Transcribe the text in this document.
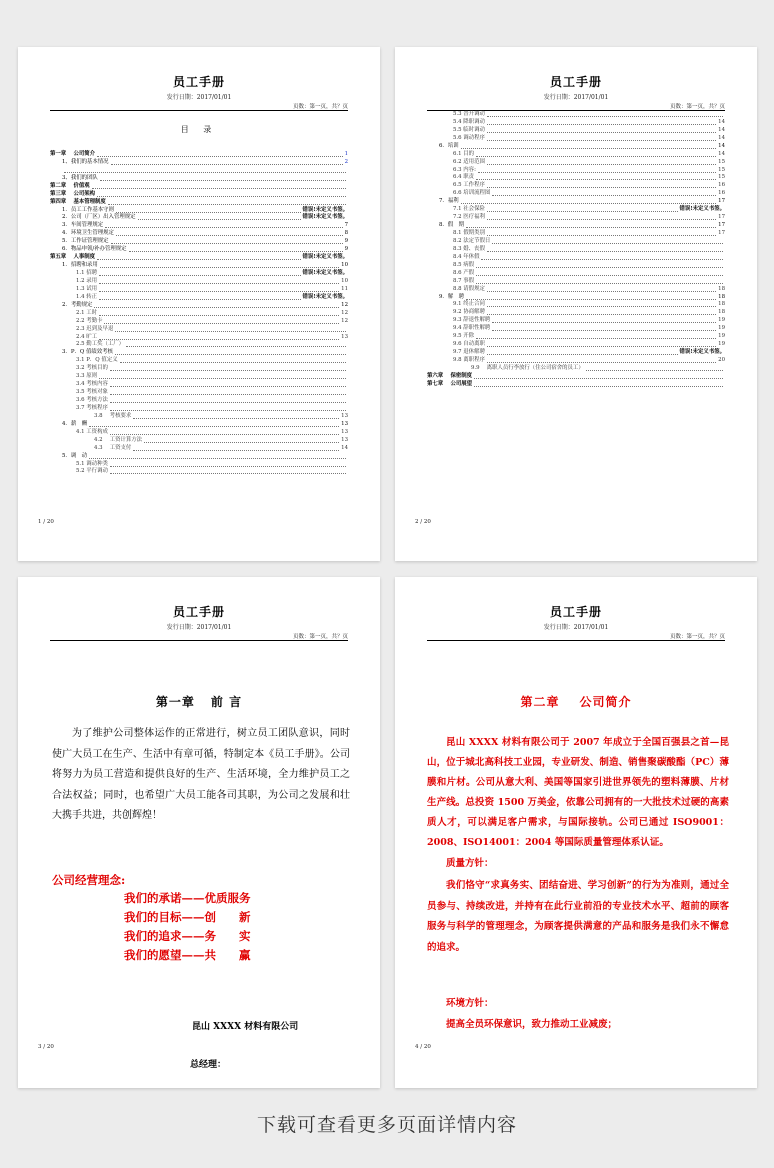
员工手册
发行日期：2017/01/01
页数：第一页，共？页
目 录
第一章　 公司简介	1
1、我们的基本情况	2
3、我们的团队
第二章　 价值观
第三章　 公司架构
第四章　 基本管理制度
1．员工工作基本守则	错误!未定义书签。
2．公司（厂区）出入管理规定	错误!未定义书签。
3．车间管理规定	7
4．环境卫生管理规定	8
5．工作证管理规定	9
6．物品申领/补办管理规定	9
第五章　 人事制度	错误!未定义书签。
1．招聘和录用	10
1.1 招聘	错误!未定义书签。
1.2 录用	10
1.3 试用	11
1.4 转正	错误!未定义书签。
2．考勤规定	12
2.1 工时	12
2.2 考勤卡	12
2.3 迟到及早退
2.4 旷工	13
2.5 勤工奖（工厂）
3．P．Q 值绩效考核
3.1 P．Q 值定义
3.2 考核目的
3.3 原则
3.4 考核内容
3.5 考核对象
3.6 考核方法
3.7 考核程序
3.8　 考核要求	13
4．薪　酬	13
4.1 工资构成	13
4.2　 工资计算方法	13
4.3　 工资支付	14
5．调　动
5.1 调动种类
5.2 平行调动
1 / 20
员工手册
发行日期：2017/01/01
页数：第一页，共？页
5.3 晋升调动
5.4 降职调动	14
5.5 临时调动	14
5.6 调动程序	14
6．培训	14
6.1 目的	14
6.2 适用范围	15
6.3 内容:	15
6.4 职责	15
6.5 工作程序	16
6.6 培训流程图	16
7．福利	17
7.1 社会保险	错误!未定义书签。
7.2 医疗福利	17
8．假　期	17
8.1 假期类别	17
8.2 法定节假日
8.3 婚、丧假
8.4 年休假
8.5 病假
8.6 产假
8.7 事假
8.8 请假规定	18
9．解　聘	18
9.1 终止合同	18
9.2 协商解聘	18
9.3 辞退性解聘	19
9.4 辞职性解聘	19
9.5 开除	19
9.6 自动离职	19
9.7 退休解聘	错误!未定义书签。
9.8 离职程序	20
9.9　 离职人员行李放行（住公司宿舍的员工）
第六章　 保密制度
第七章　 公司展望
2 / 20
员工手册
发行日期：2017/01/01
页数：第一页，共？页
第一章 前 言
为了维护公司整体运作的正常进行，树立员工团队意识，同时使广大员工在生产、生活中有章可循，特制定本《员工手册》。公司将努力为员工营造和提供良好的生产、生活环境，全力维护员工之合法权益；同时，也希望广大员工能各司其职，为公司之发展和壮大携手共进，共创辉煌！
公司经营理念:
我们的承诺——优质服务
我们的目标——创　　新
我们的追求——务　　实
我们的愿望——共　　赢
昆山 XXXX 材料有限公司
3 / 20
总经理：
员工手册
发行日期：2017/01/01
页数：第一页，共？页
第二章 公司简介
昆山 XXXX 材料有限公司于 2007 年成立于全国百强县之首—昆山，位于城北高科技工业园，专业研发、制造、销售聚碳酸酯（PC）薄膜和片材。公司从意大利、美国等国家引进世界领先的塑料薄膜、片材生产线。总投资 1500 万美金，依靠公司拥有的一大批技术过硬的高素质人才，可以满足客户需求，与国际接轨。公司已通过 ISO9001：2008、ISO14001：2004 等国际质量管理体系认证。
质量方针：
我们恪守“求真务实、团结奋进、学习创新”的行为为准则，通过全员参与、持续改进，并持有在此行业前沿的专业技术水平、超前的顾客服务与科学的管理理念，为顾客提供满意的产品和服务是我们永不懈怠的追求。
环境方针：
提高全员环保意识，致力推动工业减废；
4 / 20
下载可查看更多页面详情内容
